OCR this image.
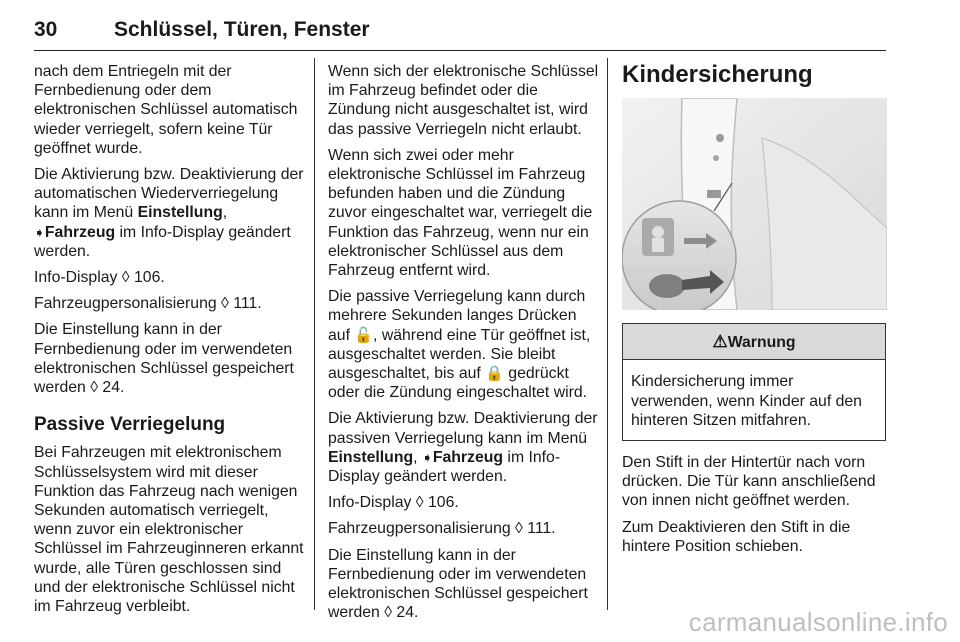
30	Schlüssel, Türen, Fenster

nach dem Entriegeln mit der Fernbedienung oder dem elektronischen Schlüssel automatisch wieder verriegelt, sofern keine Tür geöffnet wurde.

Die Aktivierung bzw. Deaktivierung der automatischen Wiederverriegelung kann im Menü Einstellung, ➧Fahrzeug im Info-Display geändert werden.

Info-Display ◊ 106.

Fahrzeugpersonalisierung ◊ 111.

Die Einstellung kann in der Fernbedienung oder im verwendeten elektronischen Schlüssel gespeichert werden ◊ 24.

Passive Verriegelung

Bei Fahrzeugen mit elektronischem Schlüsselsystem wird mit dieser Funktion das Fahrzeug nach wenigen Sekunden automatisch verriegelt, wenn zuvor ein elektronischer Schlüssel im Fahrzeuginneren erkannt wurde, alle Türen geschlossen sind und der elektronische Schlüssel nicht im Fahrzeug verbleibt.

Wenn sich der elektronische Schlüssel im Fahrzeug befindet oder die Zündung nicht ausgeschaltet ist, wird das passive Verriegeln nicht erlaubt.

Wenn sich zwei oder mehr elektronische Schlüssel im Fahrzeug befunden haben und die Zündung zuvor eingeschaltet war, verriegelt die Funktion das Fahrzeug, wenn nur ein elektronischer Schlüssel aus dem Fahrzeug entfernt wird.

Die passive Verriegelung kann durch mehrere Sekunden langes Drücken auf 🔓, während eine Tür geöffnet ist, ausgeschaltet werden. Sie bleibt ausgeschaltet, bis auf 🔒 gedrückt oder die Zündung eingeschaltet wird.

Die Aktivierung bzw. Deaktivierung der passiven Verriegelung kann im Menü Einstellung, ➧Fahrzeug im Info-Display geändert werden.

Info-Display ◊ 106.

Fahrzeugpersonalisierung ◊ 111.

Die Einstellung kann in der Fernbedienung oder im verwendeten elektronischen Schlüssel gespeichert werden ◊ 24.

Kindersicherung
⚠Warnung
Kindersicherung immer verwenden, wenn Kinder auf den hinteren Sitzen mitfahren.

Den Stift in der Hintertür nach vorn drücken. Die Tür kann anschließend von innen nicht geöffnet werden.

Zum Deaktivieren den Stift in die hintere Position schieben.

carmanualsonline.info
